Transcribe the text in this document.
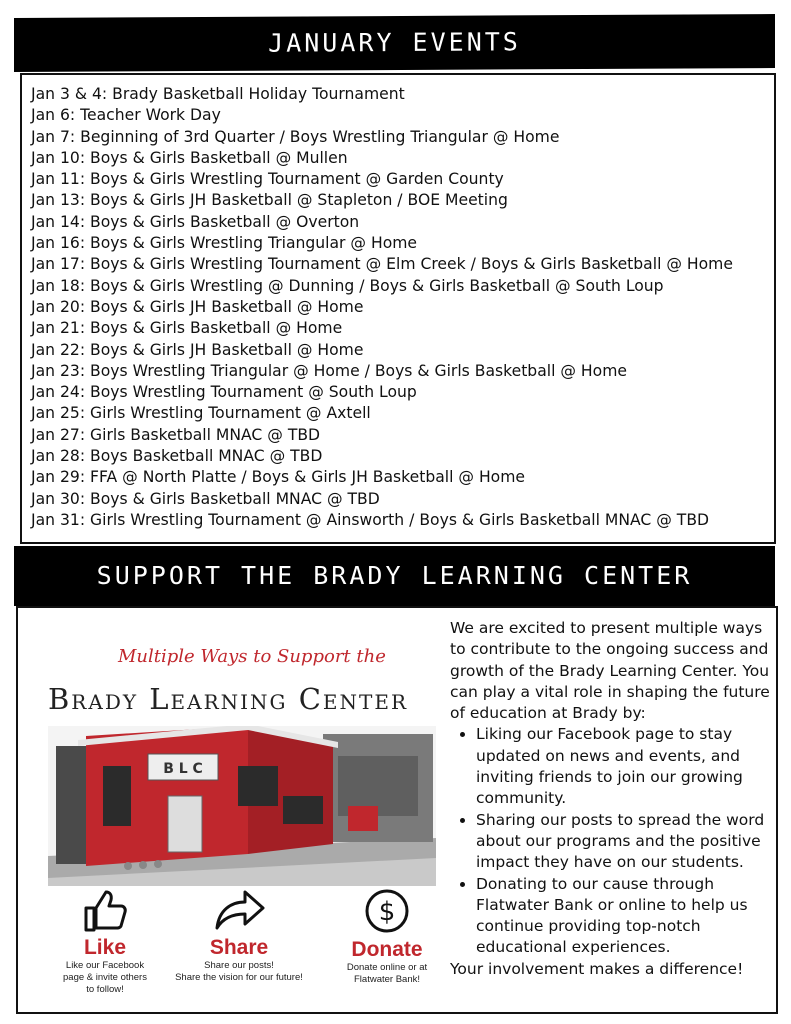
JANUARY EVENTS
Jan 3 & 4: Brady Basketball Holiday Tournament
Jan 6: Teacher Work Day
Jan 7: Beginning of 3rd Quarter / Boys Wrestling Triangular @ Home
Jan 10: Boys & Girls Basketball @ Mullen
Jan 11: Boys & Girls Wrestling Tournament @ Garden County
Jan 13: Boys & Girls JH Basketball @ Stapleton / BOE Meeting
Jan 14: Boys & Girls Basketball @ Overton
Jan 16: Boys & Girls Wrestling Triangular @ Home
Jan 17: Boys & Girls Wrestling Tournament @ Elm Creek / Boys & Girls Basketball @ Home
Jan 18: Boys & Girls Wrestling @ Dunning / Boys & Girls Basketball @ South Loup
Jan 20: Boys & Girls JH Basketball @ Home
Jan 21: Boys & Girls Basketball @ Home
Jan 22: Boys & Girls JH Basketball @ Home
Jan 23: Boys Wrestling Triangular @ Home / Boys & Girls Basketball @ Home
Jan 24: Boys Wrestling Tournament @ South Loup
Jan 25: Girls Wrestling Tournament @ Axtell
Jan 27: Girls Basketball MNAC @ TBD
Jan 28: Boys Basketball MNAC @ TBD
Jan 29: FFA @ North Platte / Boys & Girls JH Basketball @ Home
Jan 30: Boys & Girls Basketball MNAC @ TBD
Jan 31: Girls Wrestling Tournament @ Ainsworth / Boys & Girls Basketball MNAC @ TBD
SUPPORT THE BRADY LEARNING CENTER
Multiple Ways to Support the
Brady Learning Center
B L C
Like
Like our Facebook
page & invite others
to follow!
Share
Share our posts!
Share the vision for our future!
$
Donate
Donate online or at
Flatwater Bank!

We are excited to present multiple ways to contribute to the ongoing success and growth of the Brady Learning Center. You can play a vital role in shaping the future of education at Brady by:

• Liking our Facebook page to stay updated on news and events, and inviting friends to join our growing community.
• Sharing our posts to spread the word about our programs and the positive impact they have on our students.
• Donating to our cause through Flatwater Bank or online to help us continue providing top-notch educational experiences.

Your involvement makes a difference!
